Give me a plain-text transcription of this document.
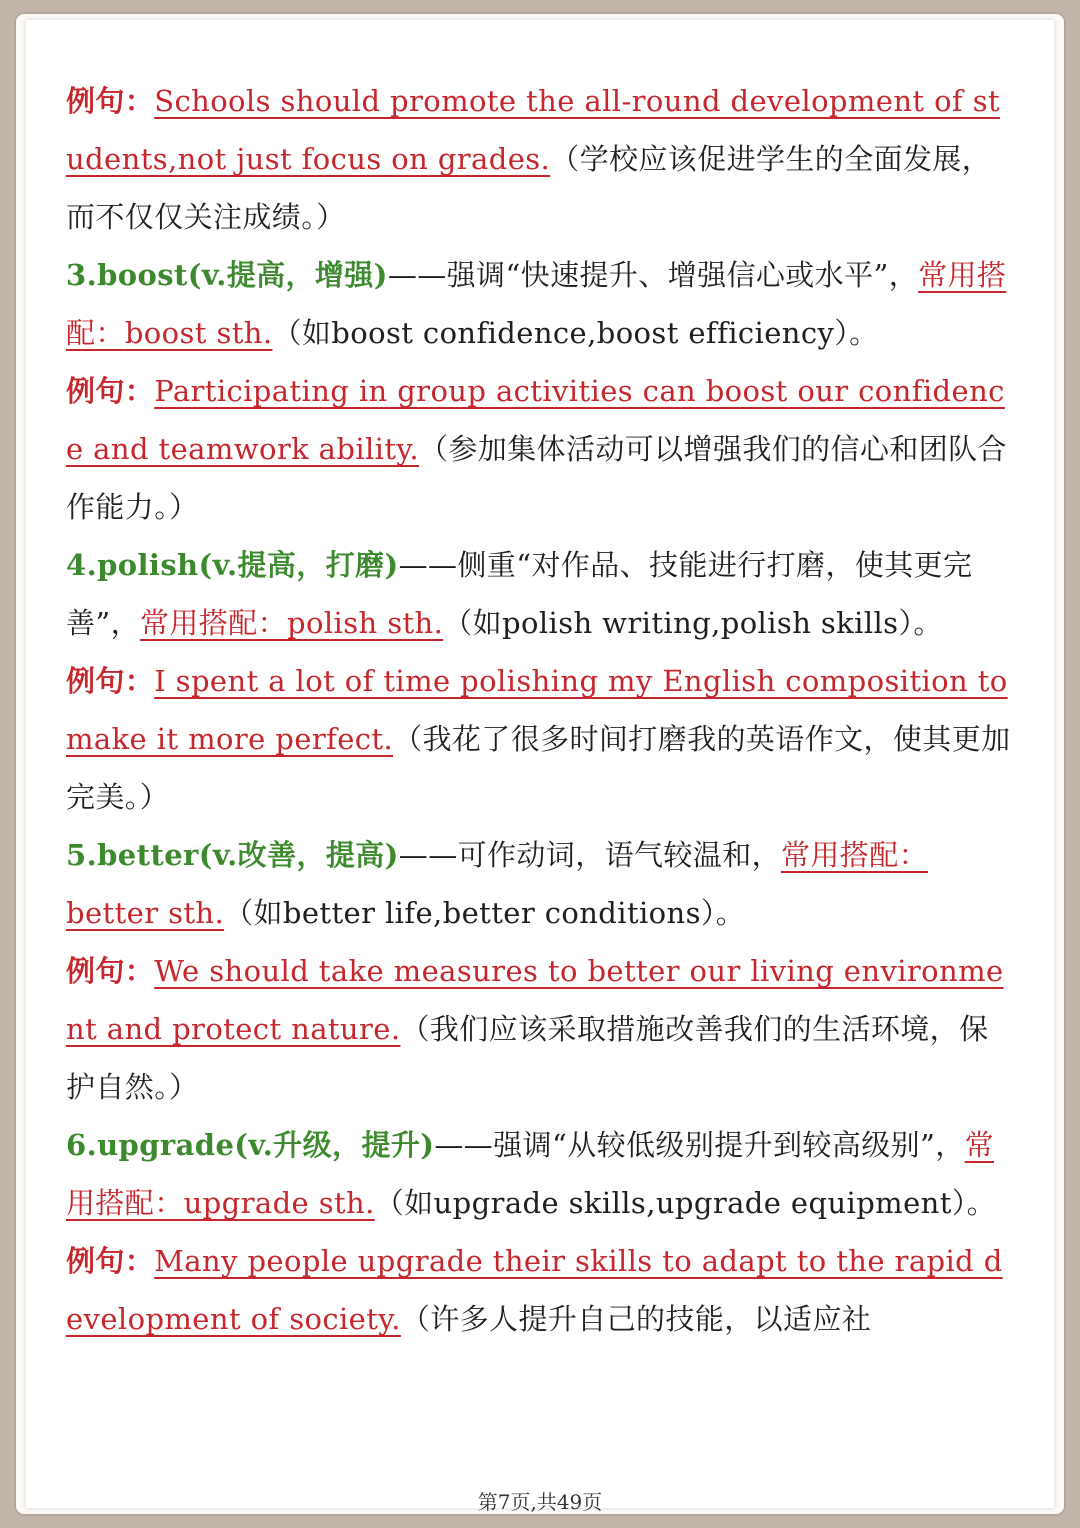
例句：Schools should promote the all-round development of students,not just focus on grades.（学校应该促进学生的全面发展，而不仅仅关注成绩。）

3.boost(v.提高，增强)——强调“快速提升、增强信心或水平”，常用搭配：boost sth.（如boost confidence,boost efficiency）。

例句：Participating in group activities can boost our confidence and teamwork ability.（参加集体活动可以增强我们的信心和团队合作能力。）

4.polish(v.提高，打磨)——侧重“对作品、技能进行打磨，使其更完善”，常用搭配：polish sth.（如polish writing,polish skills）。

例句：I spent a lot of time polishing my English composition to make it more perfect.（我花了很多时间打磨我的英语作文，使其更加完美。）

5.better(v.改善，提高)——可作动词，语气较温和，常用搭配：better sth.（如better life,better conditions）。

例句：We should take measures to better our living environment and protect nature.（我们应该采取措施改善我们的生活环境，保护自然。）

6.upgrade(v.升级，提升)——强调“从较低级别提升到较高级别”，常用搭配：upgrade sth.（如upgrade skills,upgrade equipment）。

例句：Many people upgrade their skills to adapt to the rapid development of society.（许多人提升自己的技能，以适应社

第7页,共49页
